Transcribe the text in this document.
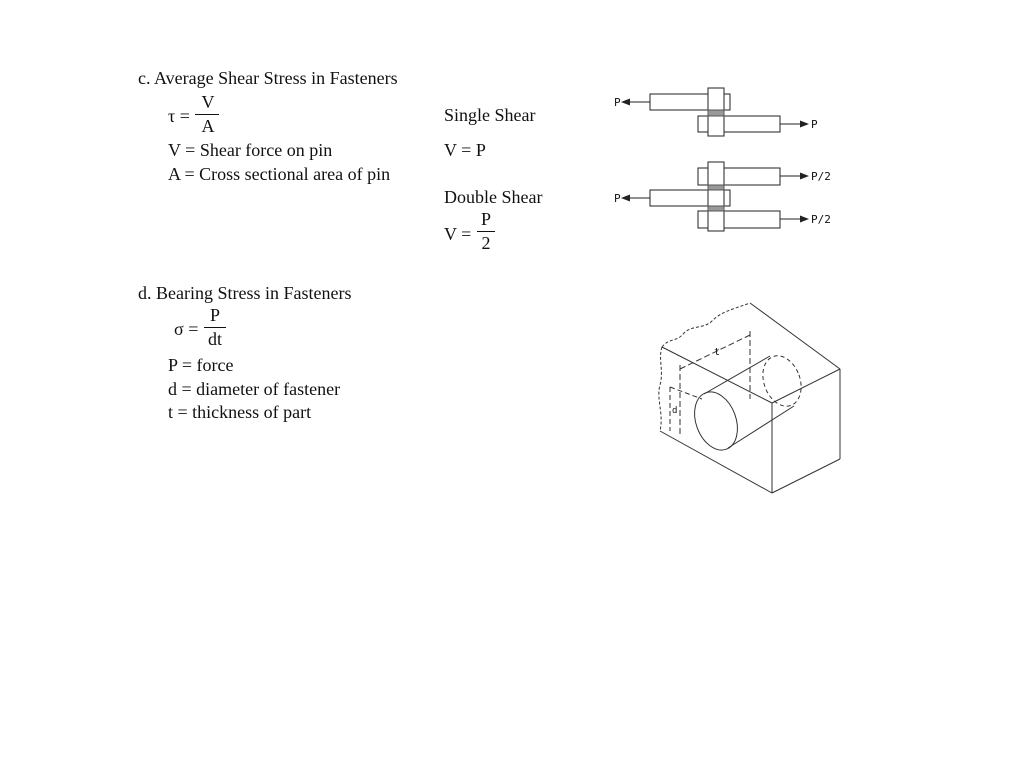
c. Average Shear Stress in Fasteners
τ =
V
A
V = Shear force on pin
A = Cross sectional area of pin
Single Shear
V = P
Double Shear
V =
P
2
d. Bearing Stress in Fasteners
σ =
P
dt
P = force
d = diameter of fastener
t = thickness of part
P
P
P
P/2
P/2
t
d
